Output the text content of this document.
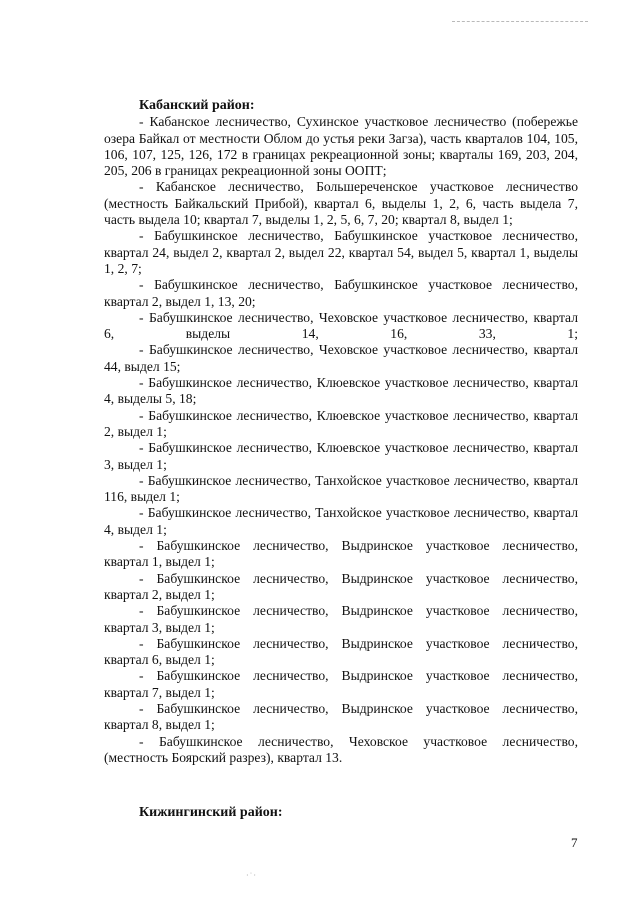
Кабанский район:

- Кабанское лесничество, Сухинское участковое лесничество (побережье озера Байкал от местности Облом до устья реки Загза), часть кварталов 104, 105, 106, 107, 125, 126, 172 в границах рекреационной зоны; кварталы 169, 203, 204, 205, 206 в границах рекреационной зоны ООПТ;

- Кабанское лесничество, Большереченское участковое лесничество (местность Байкальский Прибой), квартал 6, выделы 1, 2, 6, часть выдела 7, часть выдела 10; квартал 7, выделы 1, 2, 5, 6, 7, 20; квартал 8, выдел 1;

- Бабушкинское лесничество, Бабушкинское участковое лесничество, квартал 24, выдел 2, квартал 2, выдел 22, квартал 54, выдел 5, квартал 1, выделы 1, 2, 7;

- Бабушкинское лесничество, Бабушкинское участковое лесничество, квартал 2, выдел 1, 13, 20;

- Бабушкинское лесничество, Чеховское участковое лесничество, квартал 6, выделы 14, 16, 33, 1;

- Бабушкинское лесничество, Чеховское участковое лесничество, квартал 44, выдел 15;

- Бабушкинское лесничество, Клюевское участковое лесничество, квартал 4, выделы 5, 18;

- Бабушкинское лесничество, Клюевское участковое лесничество, квартал 2, выдел 1;

- Бабушкинское лесничество, Клюевское участковое лесничество, квартал 3, выдел 1;

- Бабушкинское лесничество, Танхойское участковое лесничество, квартал 116, выдел 1;

- Бабушкинское лесничество, Танхойское участковое лесничество, квартал 4, выдел 1;

- Бабушкинское лесничество, Выдринское участковое лесничество, квартал 1, выдел 1;

- Бабушкинское лесничество, Выдринское участковое лесничество, квартал 2, выдел 1;

- Бабушкинское лесничество, Выдринское участковое лесничество, квартал 3, выдел 1;

- Бабушкинское лесничество, Выдринское участковое лесничество, квартал 6, выдел 1;

- Бабушкинское лесничество, Выдринское участковое лесничество, квартал 7, выдел 1;

- Бабушкинское лесничество, Выдринское участковое лесничество, квартал 8, выдел 1;

- Бабушкинское лесничество, Чеховское участковое лесничество, (местность Боярский разрез), квартал 13.

Кижингинский район:
7
·˙·
